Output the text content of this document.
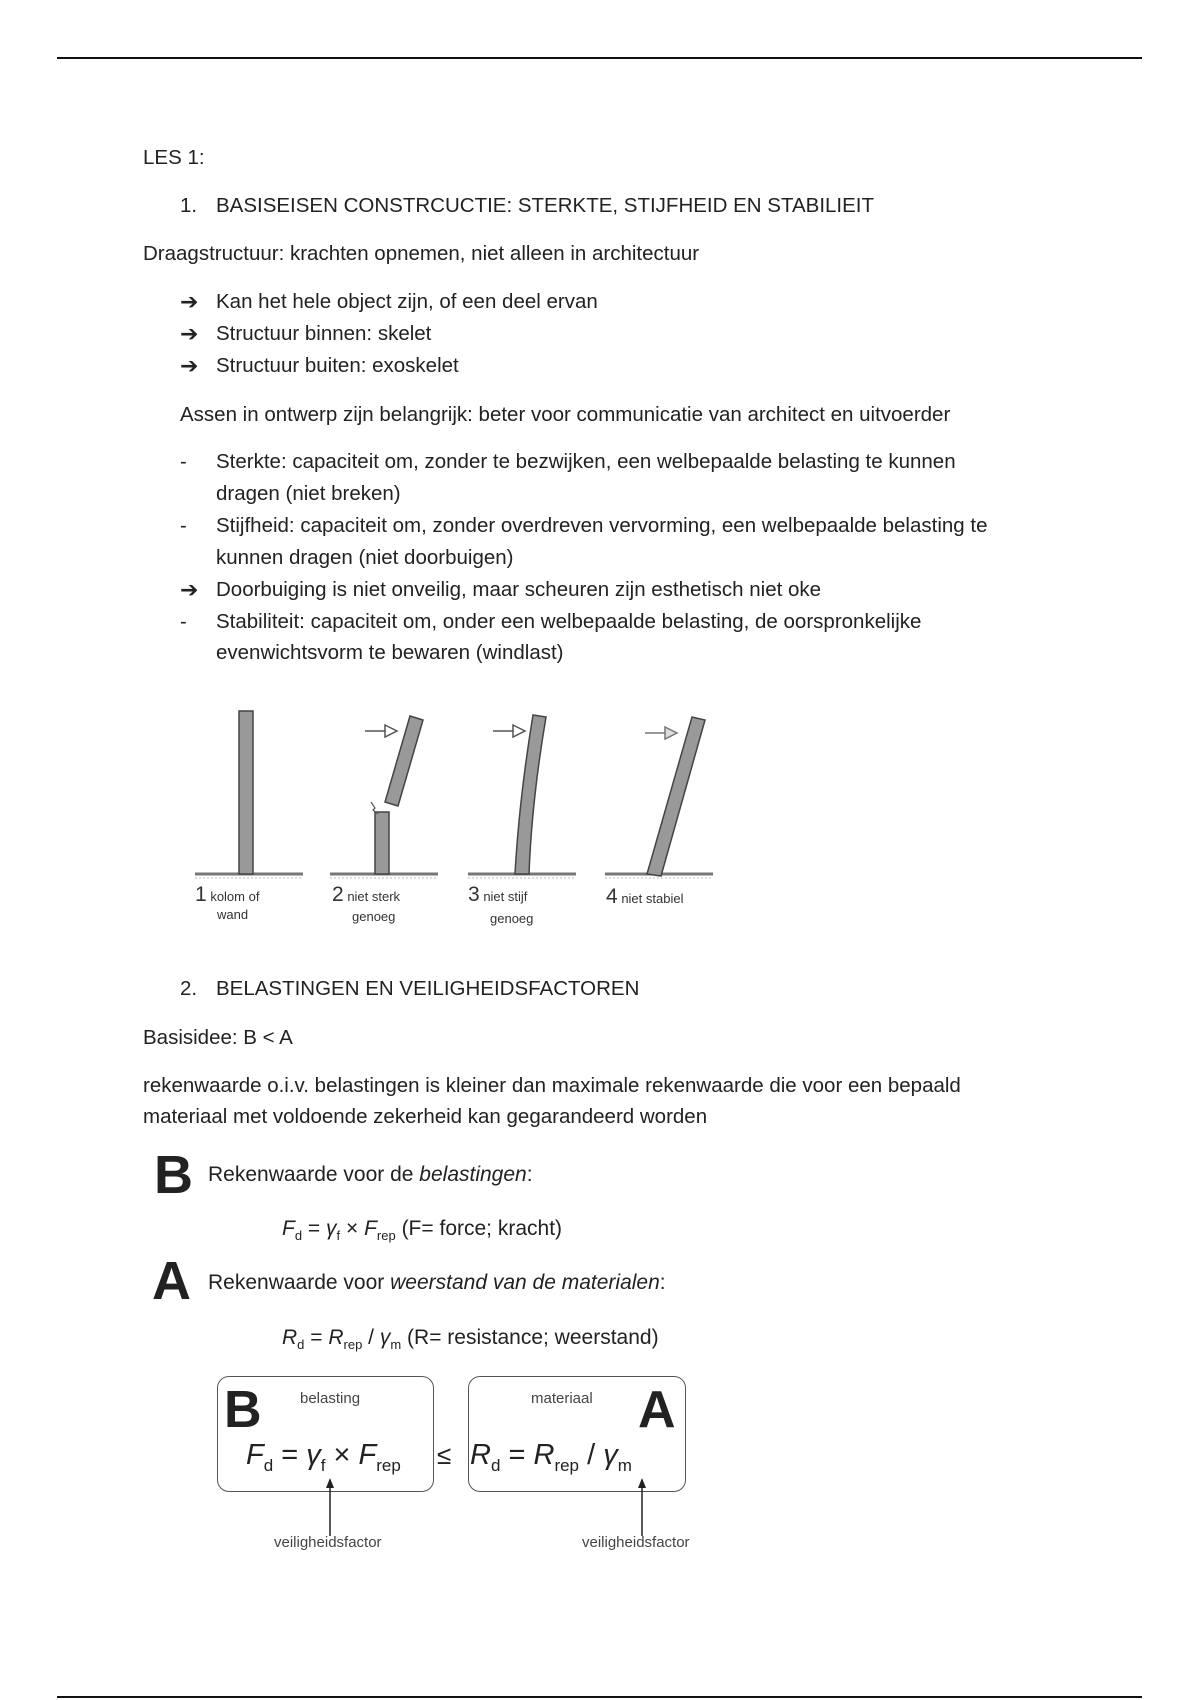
LES 1:
1. BASISEISEN CONSTRCUCTIE: STERKTE, STIJFHEID EN STABILIEIT
Draagstructuur: krachten opnemen, niet alleen in architectuur
➔ Kan het hele object zijn, of een deel ervan
➔ Structuur binnen: skelet
➔ Structuur buiten: exoskelet
Assen in ontwerp zijn belangrijk: beter voor communicatie van architect en uitvoerder
- Sterkte: capaciteit om, zonder te bezwijken, een welbepaalde belasting te kunnen
dragen (niet breken)
- Stijfheid: capaciteit om, zonder overdreven vervorming, een welbepaalde belasting te
kunnen dragen (niet doorbuigen)
➔ Doorbuiging is niet onveilig, maar scheuren zijn esthetisch niet oke
- Stabiliteit: capaciteit om, onder een welbepaalde belasting, de oorspronkelijke
evenwichtsvorm te bewaren (windlast)
1 kolom of
wand
2 niet sterk
genoeg
3 niet stijf
genoeg
4 niet stabiel
2. BELASTINGEN EN VEILIGHEIDSFACTOREN
Basisidee: B < A
rekenwaarde o.i.v. belastingen is kleiner dan maximale rekenwaarde die voor een bepaald
materiaal met voldoende zekerheid kan gegarandeerd worden
B Rekenwaarde voor de belastingen:
$F_d = \gamma_f \times F_{rep}$ (F= force; kracht)
A Rekenwaarde voor weerstand van de materialen:
$R_d = R_{rep} / \gamma_m$ (R= resistance; weerstand)
B	belasting	materiaal A
$F_d = \gamma_f \times F_{rep} \le R_d = R_{rep} / \gamma_m$
veiligheidsfactor	veiligheidsfactor
